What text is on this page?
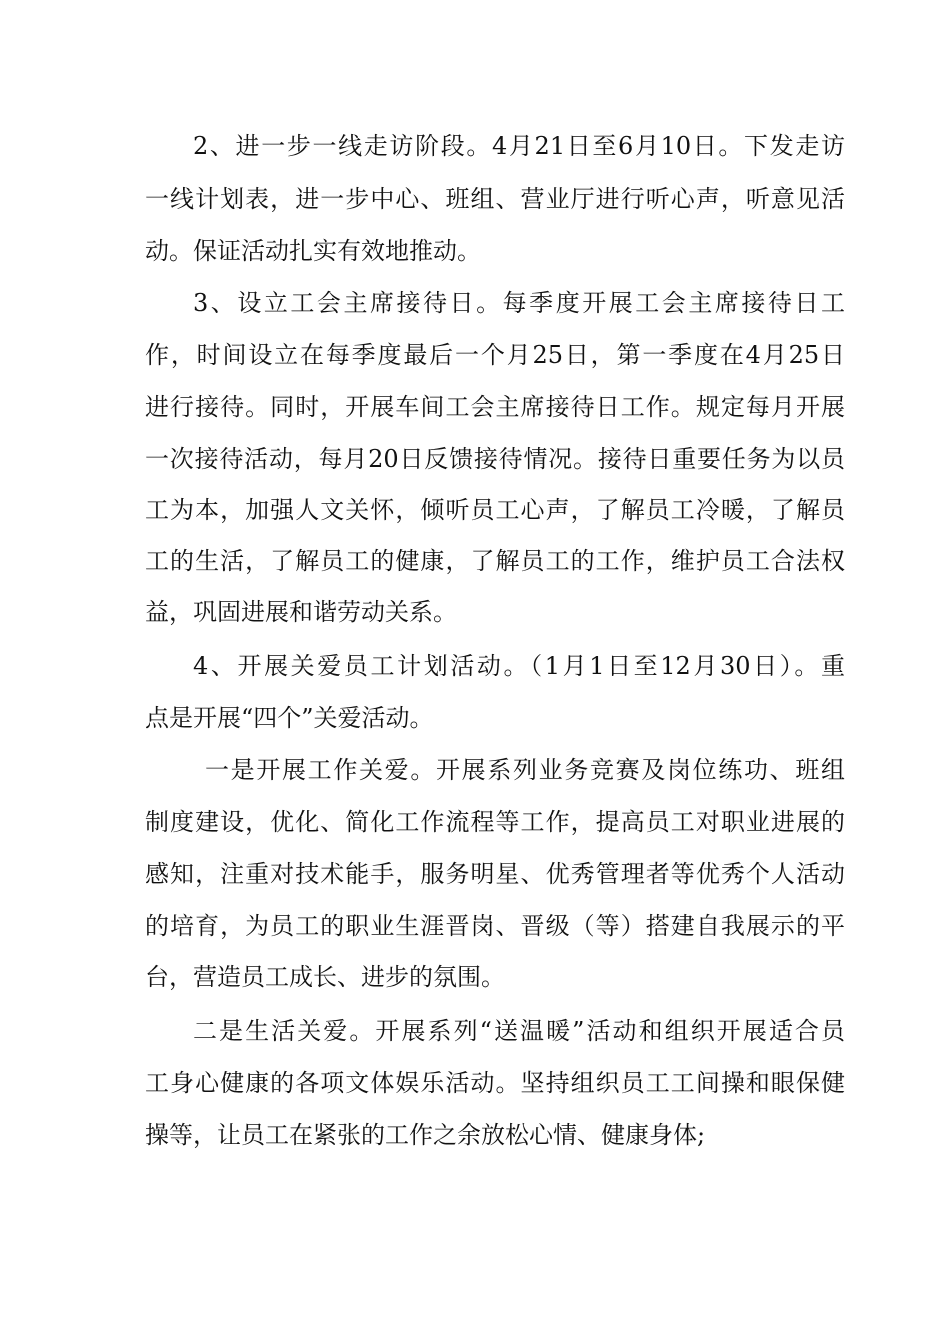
2、进一步一线走访阶段。4月21日至6月10日。下发走访
一线计划表，进一步中心、班组、营业厅进行听心声，听意见活
动。保证活动扎实有效地推动。
3、设立工会主席接待日。每季度开展工会主席接待日工
作，时间设立在每季度最后一个月25日，第一季度在4月25日
进行接待。同时，开展车间工会主席接待日工作。规定每月开展
一次接待活动，每月20日反馈接待情况。接待日重要任务为以员
工为本，加强人文关怀，倾听员工心声，了解员工冷暖，了解员
工的生活，了解员工的健康，了解员工的工作，维护员工合法权
益，巩固进展和谐劳动关系。
4、开展关爱员工计划活动。（1月1日至12月30日）。重
点是开展“四个”关爱活动。
一是开展工作关爱。开展系列业务竞赛及岗位练功、班组
制度建设，优化、简化工作流程等工作，提高员工对职业进展的
感知，注重对技术能手，服务明星、优秀管理者等优秀个人活动
的培育，为员工的职业生涯晋岗、晋级（等）搭建自我展示的平
台，营造员工成长、进步的氛围。
二是生活关爱。开展系列“送温暖”活动和组织开展适合员
工身心健康的各项文体娱乐活动。坚持组织员工工间操和眼保健
操等，让员工在紧张的工作之余放松心情、健康身体;
